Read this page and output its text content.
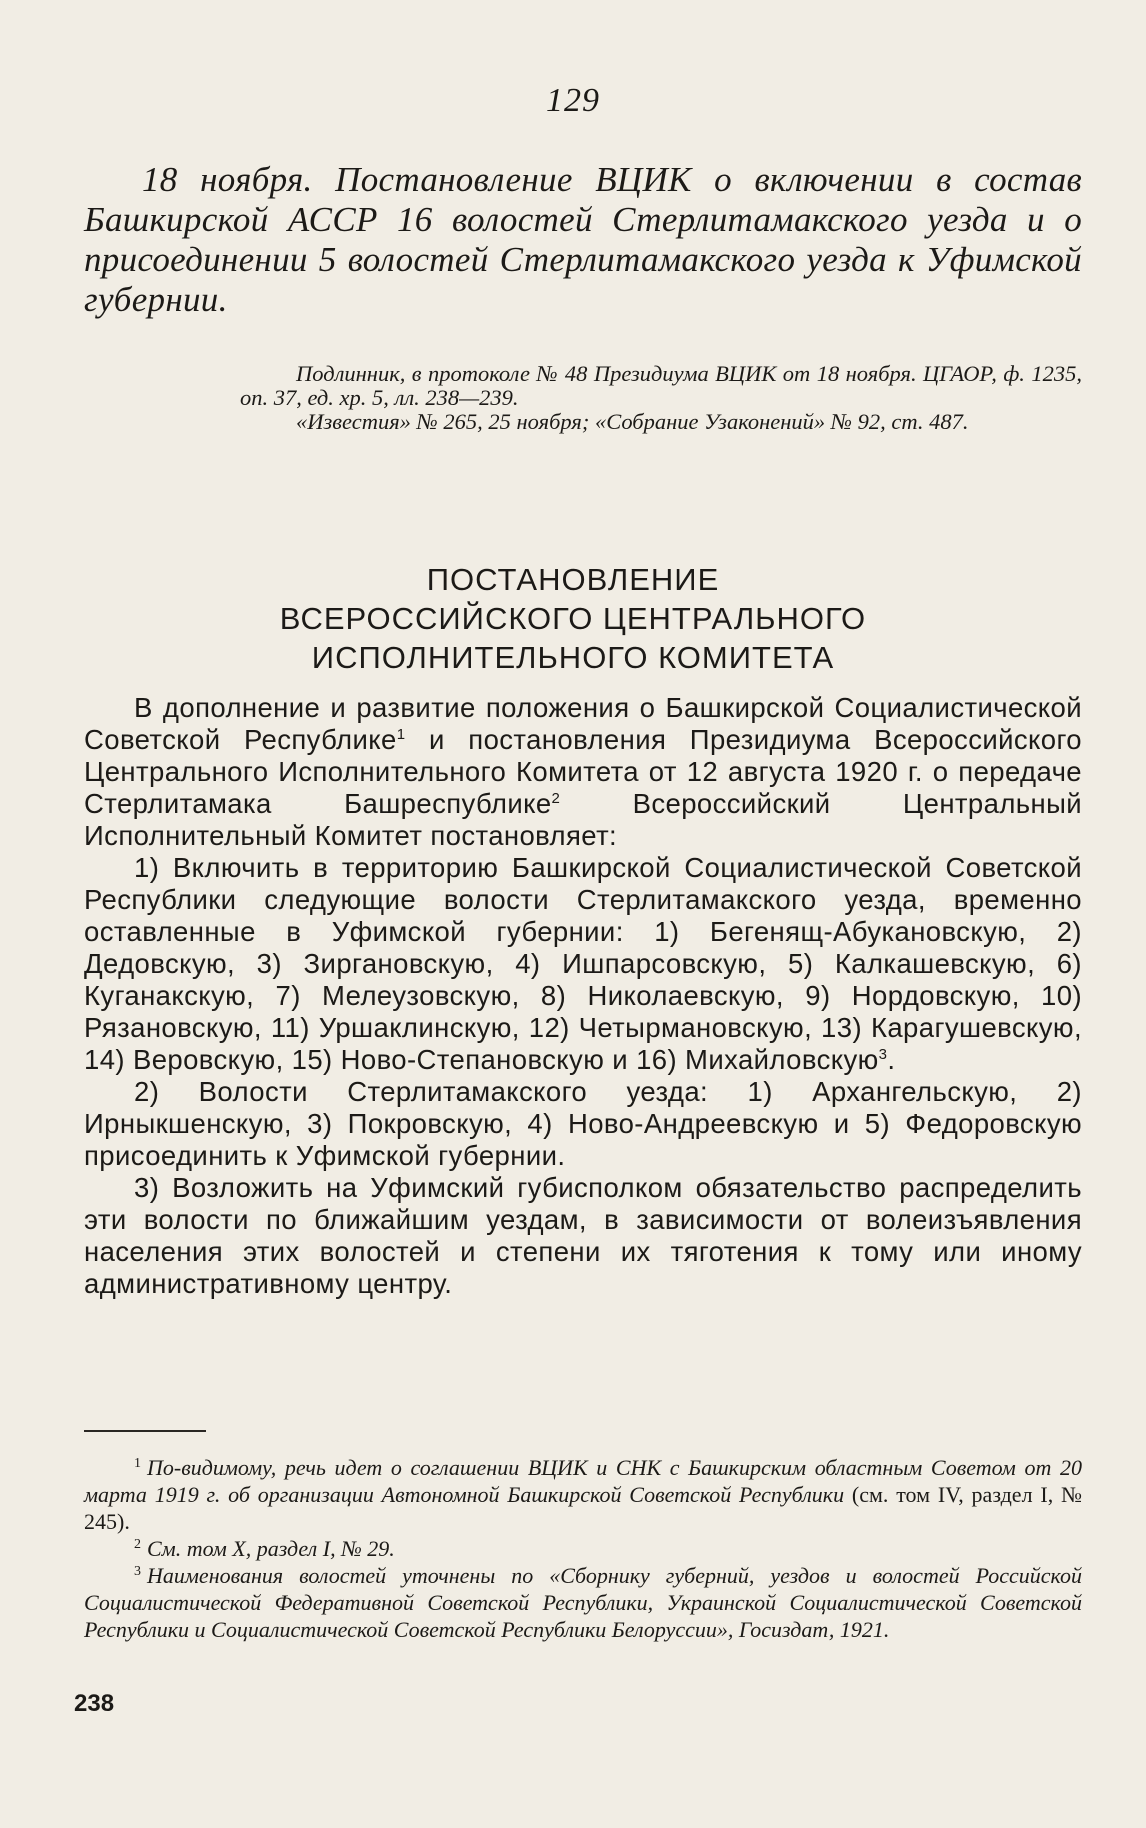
129
18 ноября. Постановление ВЦИК о включении в состав Башкирской АССР 16 волостей Стерлитамакского уезда и о присоединении 5 волостей Стерлитамакского уезда к Уфимской губернии.

Подлинник, в протоколе № 48 Президиума ВЦИК от 18 ноября. ЦГАОР, ф. 1235, оп. 37, ед. хр. 5, лл. 238—239.

«Известия» № 265, 25 ноября; «Собрание Узаконений» № 92, ст. 487.

ПОСТАНОВЛЕНИЕ
ВСЕРОССИЙСКОГО ЦЕНТРАЛЬНОГО
ИСПОЛНИТЕЛЬНОГО КОМИТЕТА

В дополнение и развитие положения о Башкирской Социалистической Советской Республике$^1$ и постановления Президиума Всероссийского Центрального Исполнительного Комитета от 12 августа 1920 г. о передаче Стерлитамака Башреспублике$^2$ Всероссийский Центральный Исполнительный Комитет постановляет:

1) Включить в территорию Башкирской Социалистической Советской Республики следующие волости Стерлитамакского уезда, временно оставленные в Уфимской губернии: 1) Бегенящ-Абукановскую, 2) Дедовскую, 3) Зиргановскую, 4) Ишпарсовскую, 5) Калкашевскую, 6) Куганакскую, 7) Мелеузовскую, 8) Николаевскую, 9) Нордовскую, 10) Рязановскую, 11) Уршаклинскую, 12) Четырмановскую, 13) Карагушевскую, 14) Веровскую, 15) Ново-Степановскую и 16) Михайловскую$^3$.

2) Волости Стерлитамакского уезда: 1) Архангельскую, 2) Ирныкшенскую, 3) Покровскую, 4) Ново-Андреевскую и 5) Федоровскую присоединить к Уфимской губернии.

3) Возложить на Уфимский губисполком обязательство распределить эти волости по ближайшим уездам, в зависимости от волеизъявления населения этих волостей и степени их тяготения к тому или иному административному центру.

$^1$ По-видимому, речь идет о соглашении ВЦИК и СНК с Башкирским областным Советом от 20 марта 1919 г. об организации Автономной Башкирской Советской Республики (см. том IV, раздел I, № 245).

$^2$ См. том X, раздел I, № 29.

$^3$ Наименования волостей уточнены по «Сборнику губерний, уездов и волостей Российской Социалистической Федеративной Советской Республики, Украинской Социалистической Советской Республики и Социалистической Советской Республики Белоруссии», Госиздат, 1921.

238
